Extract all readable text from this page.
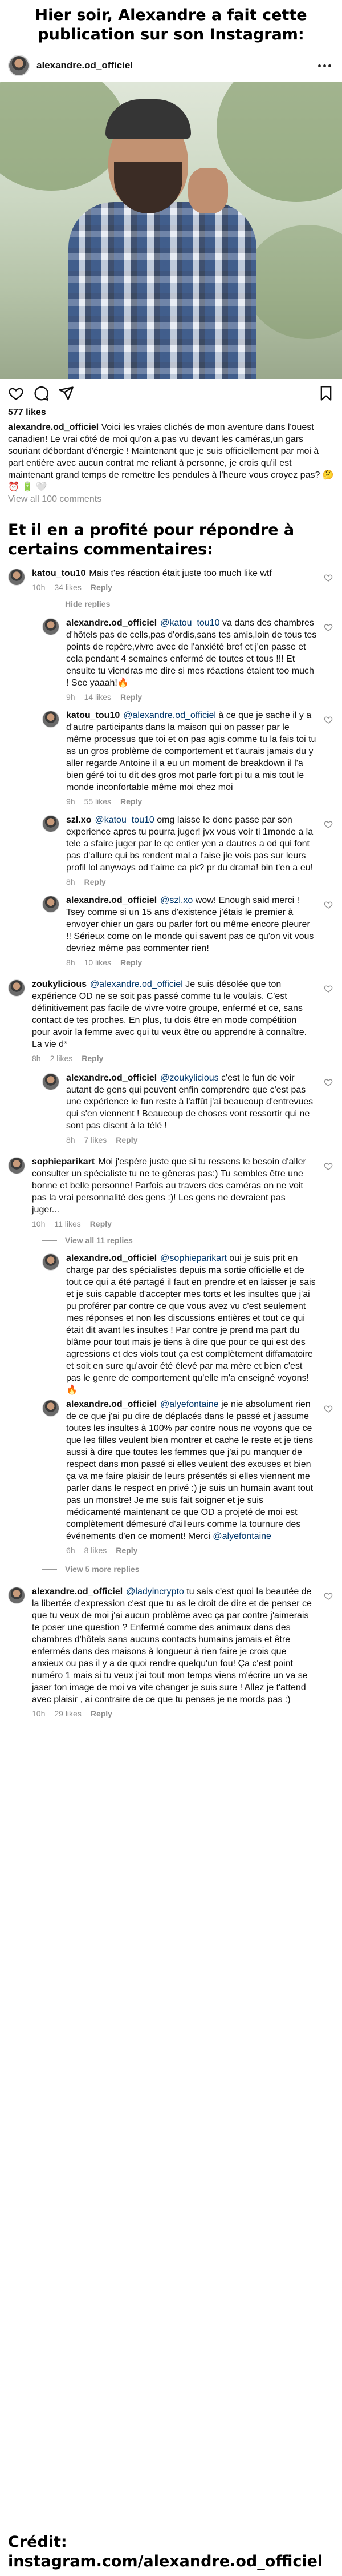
Hier soir, Alexandre a fait cette publication sur son Instagram:
alexandre.od_officiel
577 likes
alexandre.od_officiel Voici les vraies clichés de mon aventure dans l'ouest canadien! Le vrai côté de moi qu'on a pas vu devant les caméras,un gars souriant débordant d'énergie ! Maintenant que je suis officiellement par moi à part entière avec aucun contrat me reliant à personne, je crois qu'il est maintenant grand temps de remettre les pendules à l'heure vous croyez pas? 🤔 ⏰ 🔋 🤍
View all 100 comments
Et il en a profité pour répondre à certains commentaires:
katou_tou10 Mais t'es réaction était juste too much like wtf
10h 34 likes Reply
Hide replies
alexandre.od_officiel @katou_tou10 va dans des chambres d'hôtels pas de cells,pas d'ordis,sans tes amis,loin de tous tes points de repère,vivre avec de l'anxiété bref et j'en passe et cela pendant 4 semaines enfermé de toutes et tous !!! Et ensuite tu viendras me dire si mes réactions étaient too much ! See yaaah!🔥
9h 14 likes Reply
katou_tou10 @alexandre.od_officiel à ce que je sache il y a d'autre participants dans la maison qui on passer par le même processus que toi et on pas agis comme tu la fais toi tu as un gros problème de comportement et t'aurais jamais du y aller regarde Antoine il a eu un moment de breakdown il l'a bien géré toi tu dit des gros mot parle fort pi tu a mis tout le monde inconfortable même moi chez moi
9h 55 likes Reply
szl.xo @katou_tou10 omg laisse le donc passe par son experience apres tu pourra juger! jvx vous voir ti 1monde a la tele a sfaire juger par le qc entier yen a dautres a od qui font pas d'allure qui bs rendent mal a l'aise jle vois pas sur leurs profil lol anyways od t'aime ca pk? pr du drama! bin t'en a eu!
8h Reply
alexandre.od_officiel @szl.xo wow! Enough said merci ! Tsey comme si un 15 ans d'existence j'étais le premier à envoyer chier un gars ou parler fort ou même encore pleurer !! Sérieux come on le monde qui savent pas ce qu'on vit vous devriez même pas commenter rien!
8h 10 likes Reply
zoukylicious @alexandre.od_officiel Je suis désolée que ton expérience OD ne se soit pas passé comme tu le voulais. C'est définitivement pas facile de vivre votre groupe, enfermé et ce, sans contact de tes proches. En plus, tu dois être en mode compétition pour avoir la femme avec qui tu veux être ou apprendre à connaître. La vie d*
8h 2 likes Reply
alexandre.od_officiel @zoukylicious c'est le fun de voir autant de gens qui peuvent enfin comprendre que c'est pas une expérience le fun reste à l'affût j'ai beaucoup d'entrevues qui s'en viennent ! Beaucoup de choses vont ressortir qui ne sont pas disent à la télé !
8h 7 likes Reply
sophieparikart Moi j'espère juste que si tu ressens le besoin d'aller consulter un spécialiste tu ne te gêneras pas:) Tu sembles être une bonne et belle personne! Parfois au travers des caméras on ne voit pas la vrai personnalité des gens :)! Les gens ne devraient pas juger...
10h 11 likes Reply
View all 11 replies
alexandre.od_officiel @sophieparikart oui je suis prit en charge par des spécialistes depuis ma sortie officielle et de tout ce qui a été partagé il faut en prendre et en laisser je sais et je suis capable d'accepter mes torts et les insultes que j'ai pu proférer par contre ce que vous avez vu c'est seulement mes réponses et non les discussions entières et tout ce qui était dit avant les insultes ! Par contre je prend ma part du blâme pour tout mais je tiens à dire que pour ce qui est des agressions et des viols tout ça est complètement diffamatoire et soit en sure qu'avoir été élevé par ma mère et bien c'est pas le genre de comportement qu'elle m'a enseigné voyons!🔥
alexandre.od_officiel @alyefontaine je nie absolument rien de ce que j'ai pu dire de déplacés dans le passé et j'assume toutes les insultes à 100% par contre nous ne voyons que ce que les filles veulent bien montrer et cache le reste et je tiens aussi à dire que toutes les femmes que j'ai pu manquer de respect dans mon passé si elles veulent des excuses et bien ça va me faire plaisir de leurs présentés si elles viennent me parler dans le respect en privé :) je suis un humain avant tout pas un monstre! Je me suis fait soigner et je suis médicamenté maintenant ce que OD a projeté de moi est complètement démesuré d'ailleurs comme la tournure des événements d'en ce moment! Merci @alyefontaine
6h 8 likes Reply
View 5 more replies
alexandre.od_officiel @ladyincrypto tu sais c'est quoi la beautée de la libertée d'expression c'est que tu as le droit de dire et de penser ce que tu veux de moi j'ai aucun problème avec ça par contre j'aimerais te poser une question ? Enfermé comme des animaux dans des chambres d'hôtels sans aucuns contacts humains jamais et être enfermés dans des maisons à longueur à rien faire je crois que anxieux ou pas il y a de quoi rendre quelqu'un fou! Ça c'est point numéro 1 mais si tu veux j'ai tout mon temps viens m'écrire un va se jaser ton image de moi va vite changer je suis sure ! Allez je t'attend avec plaisir , ai contraire de ce que tu penses je ne mords pas :)
10h 29 likes Reply
Crédit: instagram.com/alexandre.od_officiel
